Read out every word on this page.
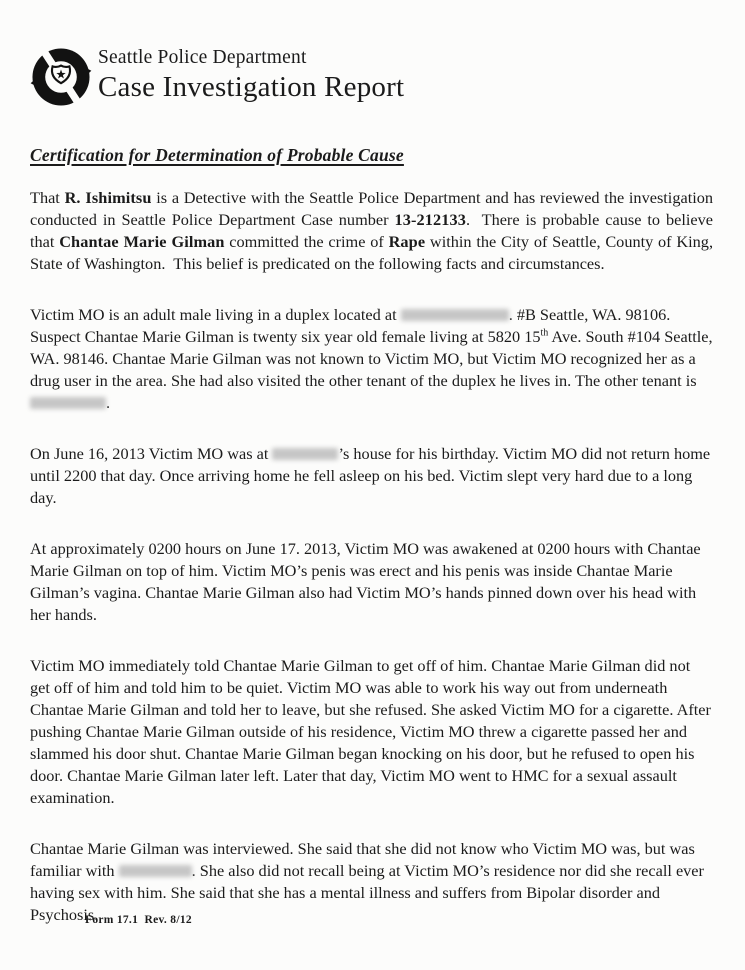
Seattle Police Department
Case Investigation Report
Certification for Determination of Probable Cause

That R. Ishimitsu is a Detective with the Seattle Police Department and has reviewed the investigation conducted in Seattle Police Department Case number 13-212133.  There is probable cause to believe that Chantae Marie Gilman committed the crime of Rape within the City of Seattle, County of King, State of Washington.  This belief is predicated on the following facts and circumstances.

Victim MO is an adult male living in a duplex located at	. #B Seattle, WA. 98106. Suspect Chantae Marie Gilman is twenty six year old female living at 5820 15th Ave. South #104 Seattle, WA. 98146. Chantae Marie Gilman was not known to Victim MO, but Victim MO recognized her as a drug user in the area. She had also visited the other tenant of the duplex he lives in. The other tenant is .

On June 16, 2013 Victim MO was at	’s house for his birthday. Victim MO did not return home until 2200 that day. Once arriving home he fell asleep on his bed. Victim slept very hard due to a long day.

At approximately 0200 hours on June 17. 2013, Victim MO was awakened at 0200 hours with Chantae Marie Gilman on top of him. Victim MO’s penis was erect and his penis was inside Chantae Marie Gilman’s vagina. Chantae Marie Gilman also had Victim MO’s hands pinned down over his head with her hands.

Victim MO immediately told Chantae Marie Gilman to get off of him. Chantae Marie Gilman did not get off of him and told him to be quiet. Victim MO was able to work his way out from underneath Chantae Marie Gilman and told her to leave, but she refused. She asked Victim MO for a cigarette. After pushing Chantae Marie Gilman outside of his residence, Victim MO threw a cigarette passed her and slammed his door shut. Chantae Marie Gilman began knocking on his door, but he refused to open his door. Chantae Marie Gilman later left. Later that day, Victim MO went to HMC for a sexual assault examination.

Chantae Marie Gilman was interviewed. She said that she did not know who Victim MO was, but was familiar with	. She also did not recall being at Victim MO’s residence nor did she recall ever having sex with him. She said that she has a mental illness and suffers from Bipolar disorder and Psychosis.

Form 17.1  Rev. 8/12
